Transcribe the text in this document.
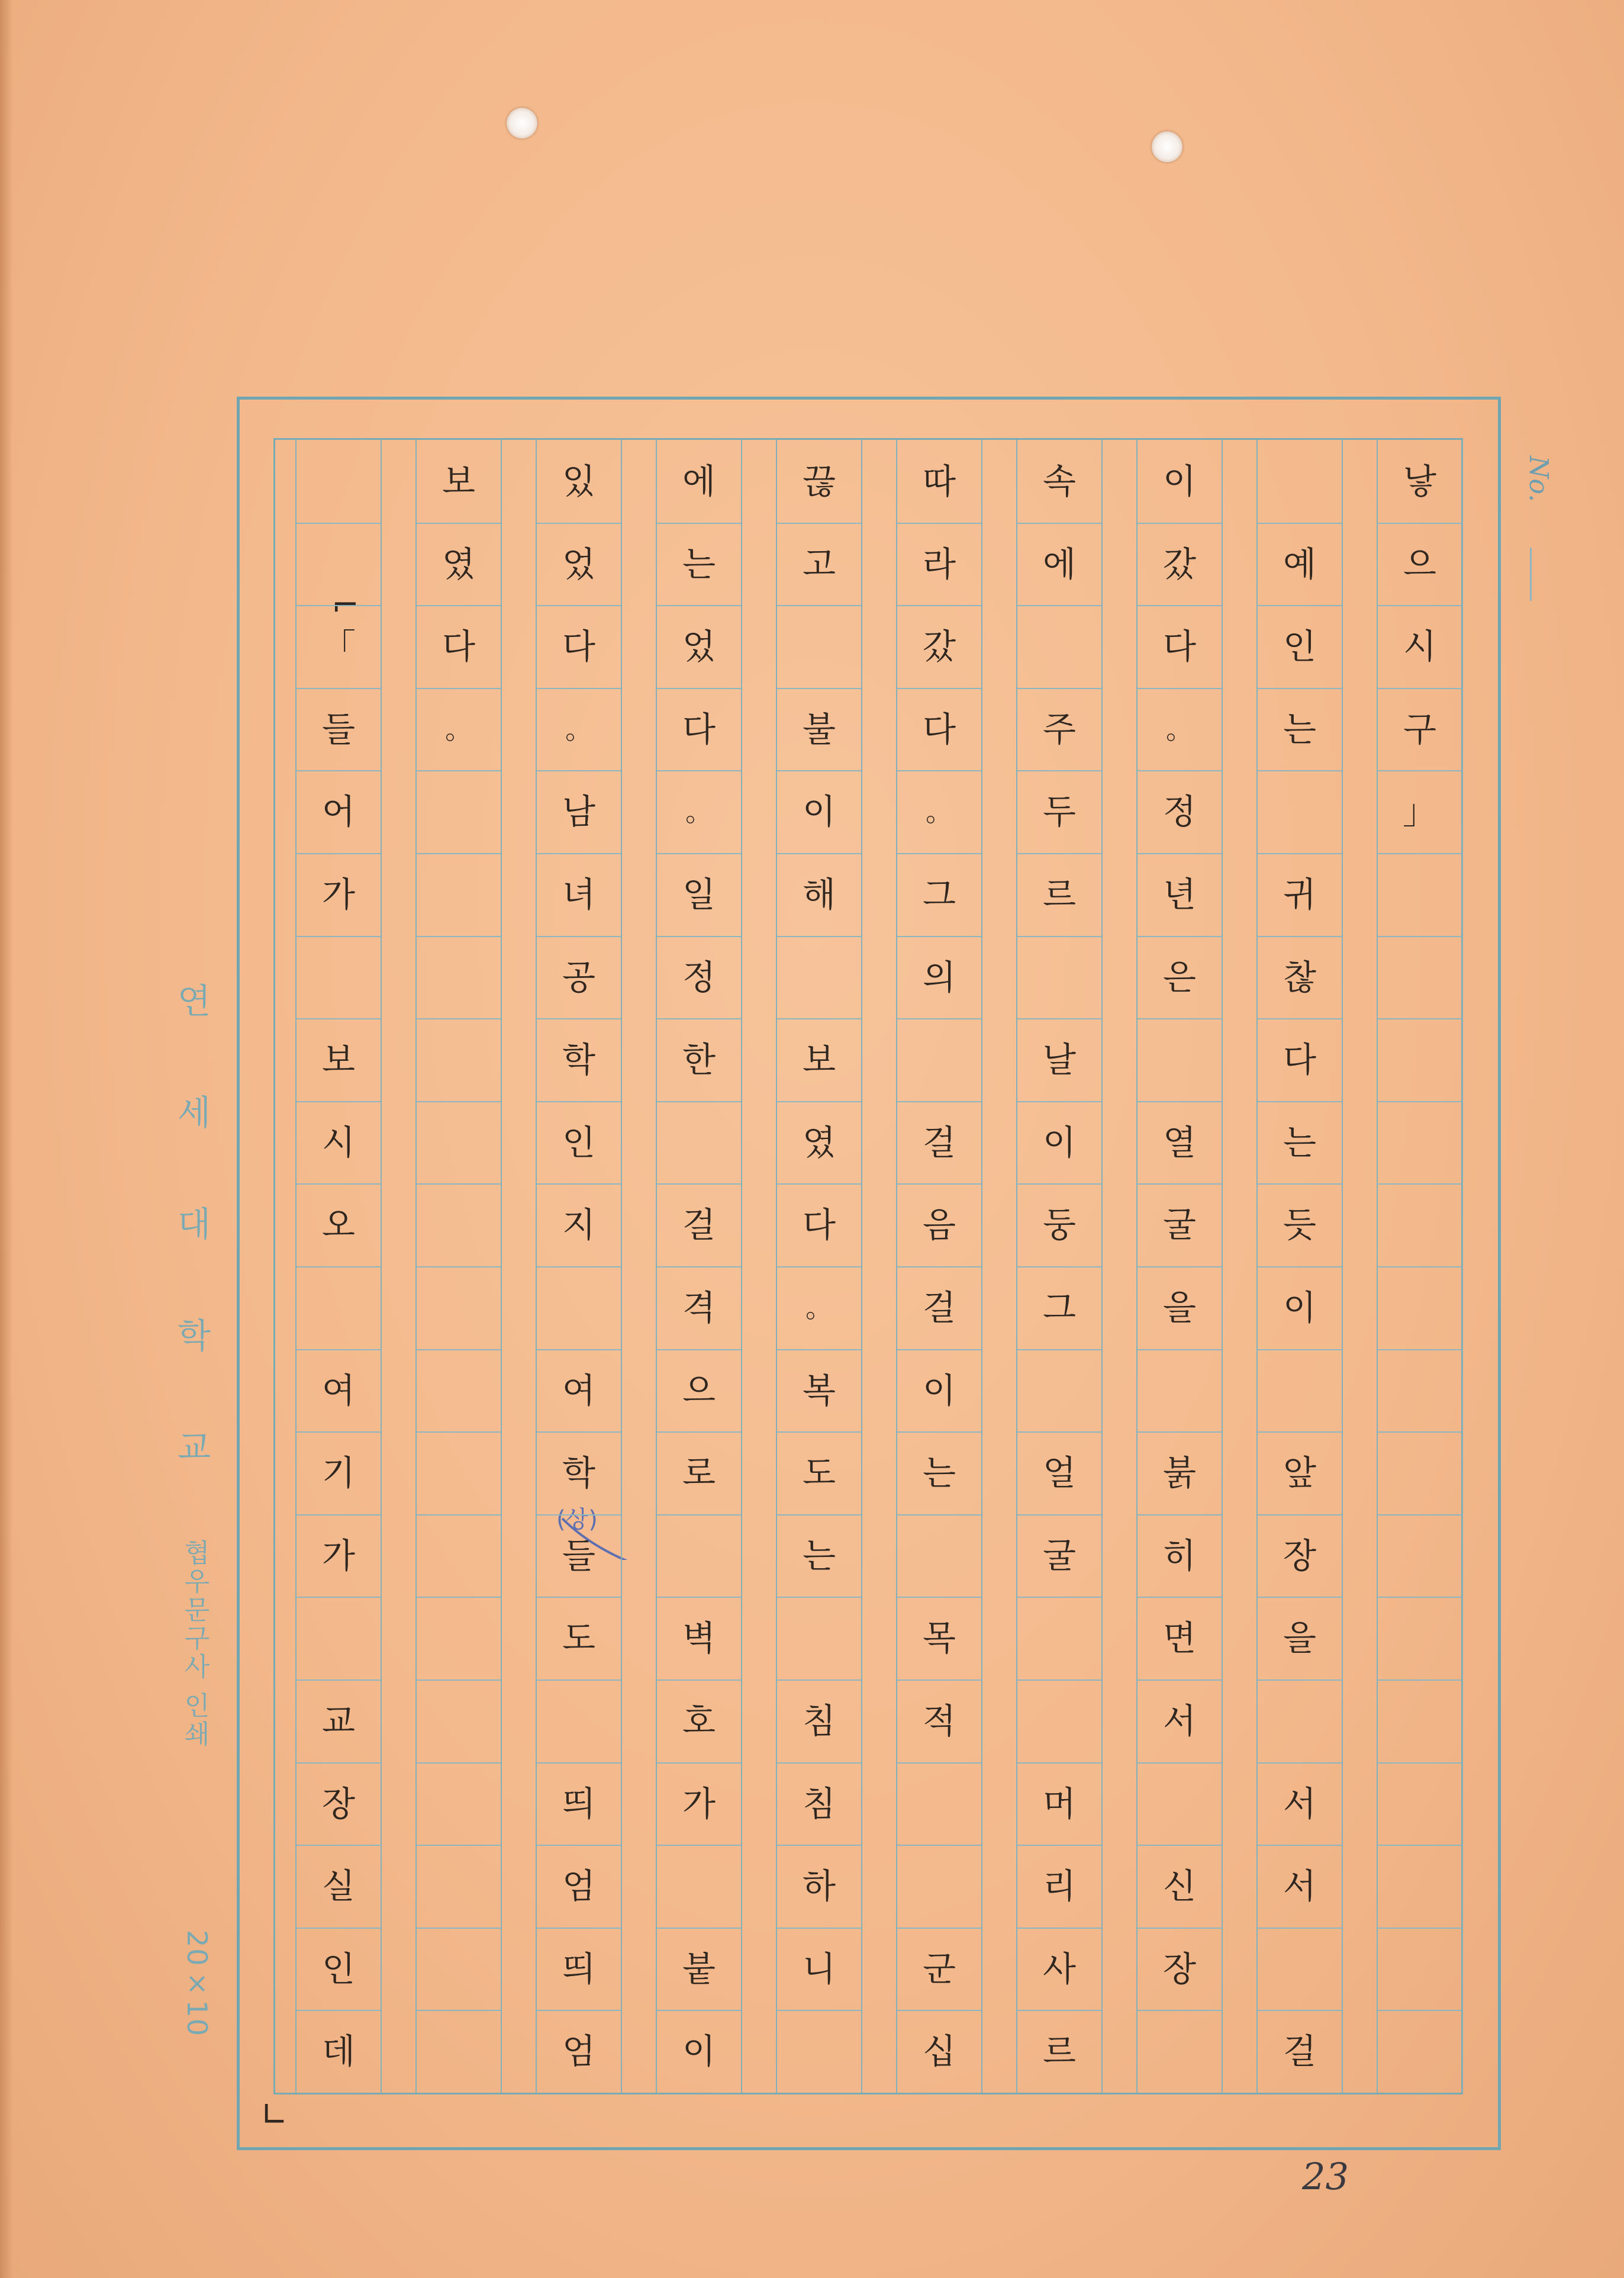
No.
연 세 대 학 교
협우문구사 인쇄
20×10
(상)
∟
⌐
23
낳
으
시
구
」
예
인
는
귀
찮
다
는
듯
이
앞
장
을
서
서
걸
이
갔
다
。
정
년
은
열
굴
을
붉
히
면
서
신
장
속
에
주
두
르
날
이
둥
그
얼
굴
머
리
사
르
따
라
갔
다
。
그
의
걸
음
걸
이
는
목
적
군
십
끊
고
불
이
해
보
였
다
。
복
도
는
침
침
하
니
에
는
었
다
。
일
정
한
걸
격
으
로
벽
호
가
붙
이
있
었
다
。
남
녀
공
학
인
지
여
학
들
도
띄
엄
띄
엄
보
였
다
。
「
들
어
가
보
시
오
여
기
가
교
장
실
인
데
